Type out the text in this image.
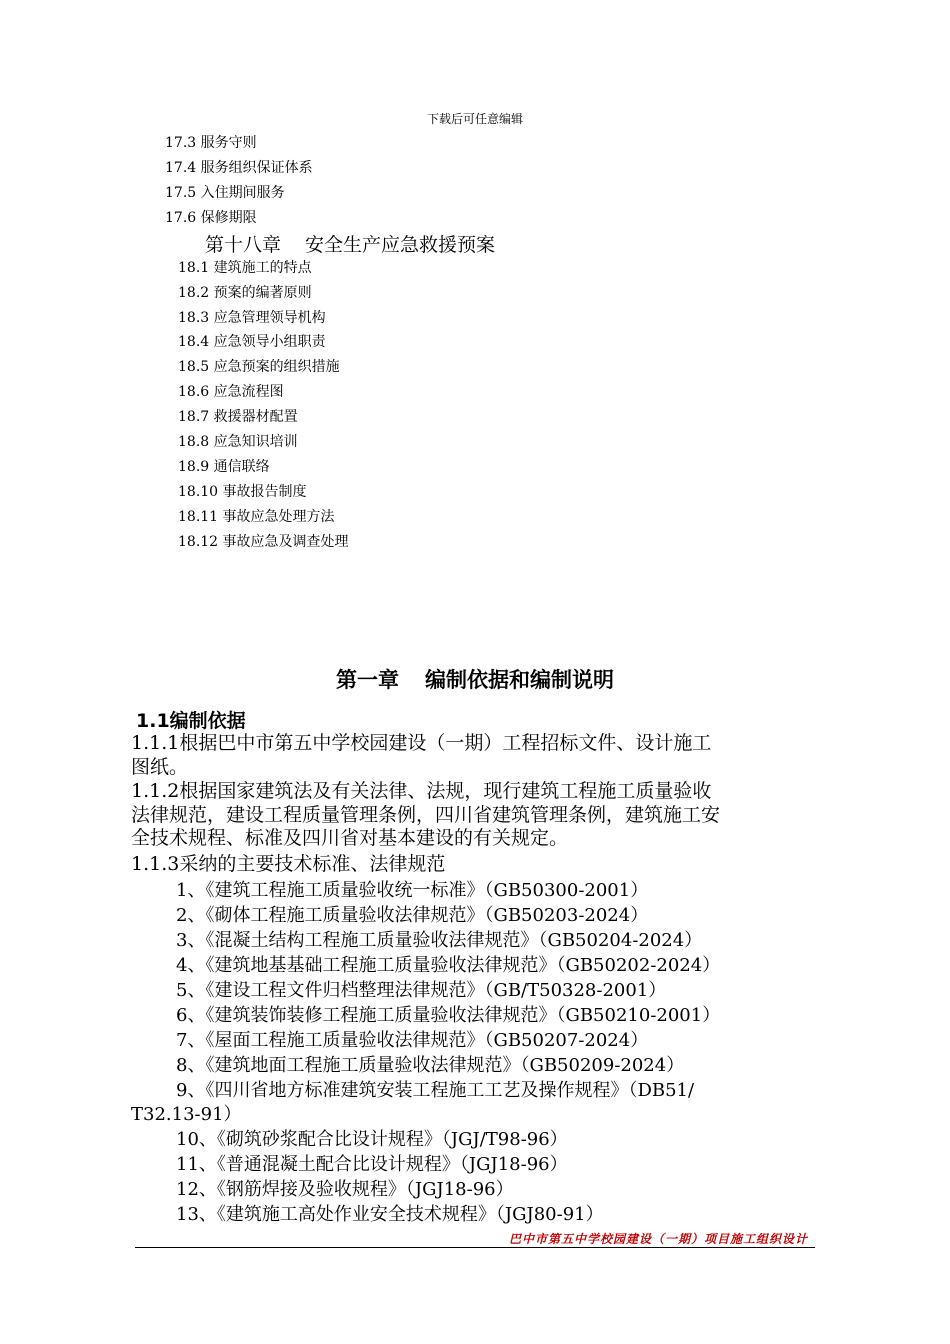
下载后可任意编辑
17.3 服务守则
17.4 服务组织保证体系
17.5 入住期间服务
17.6 保修期限
第十八章 安全生产应急救援预案
18.1 建筑施工的特点
18.2 预案的编著原则
18.3 应急管理领导机构
18.4 应急领导小组职责
18.5 应急预案的组织措施
18.6 应急流程图
18.7 救援器材配置
18.8 应急知识培训
18.9 通信联络
18.10 事故报告制度
18.11 事故应急处理方法
18.12 事故应急及调查处理
第一章 编制依据和编制说明
1.1编制依据
1.1.1根据巴中市第五中学校园建设（一期）工程招标文件、设计施工
图纸。
1.1.2根据国家建筑法及有关法律、法规，现行建筑工程施工质量验收
法律规范，建设工程质量管理条例，四川省建筑管理条例，建筑施工安
全技术规程、标准及四川省对基本建设的有关规定。
1.1.3采纳的主要技术标准、法律规范
1、《建筑工程施工质量验收统一标准》（GB50300-2001）
2、《砌体工程施工质量验收法律规范》（GB50203-2024）
3、《混凝土结构工程施工质量验收法律规范》（GB50204-2024）
4、《建筑地基基础工程施工质量验收法律规范》（GB50202-2024）
5、《建设工程文件归档整理法律规范》（GB/T50328-2001）
6、《建筑装饰装修工程施工质量验收法律规范》（GB50210-2001）
7、《屋面工程施工质量验收法律规范》（GB50207-2024）
8、《建筑地面工程施工质量验收法律规范》（GB50209-2024）
9、《四川省地方标准建筑安装工程施工工艺及操作规程》（DB51/
T32.13-91）
10、《砌筑砂浆配合比设计规程》（JGJ/T98-96）
11、《普通混凝土配合比设计规程》（JGJ18-96）
12、《钢筋焊接及验收规程》（JGJ18-96）
13、《建筑施工高处作业安全技术规程》（JGJ80-91）
巴中市第五中学校园建设（一期）项目施工组织设计
